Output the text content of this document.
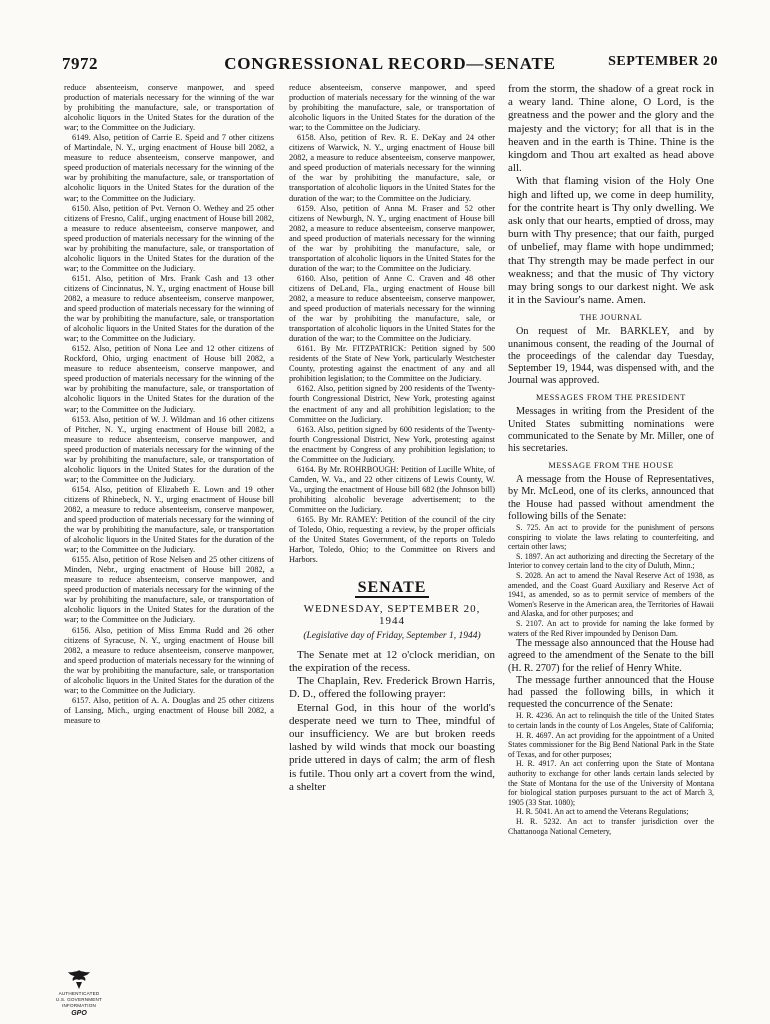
7972	CONGRESSIONAL RECORD—SENATE	SEPTEMBER 20

reduce absenteeism, conserve manpower, and speed production of materials necessary for the winning of the war by prohibiting the manufacture, sale, or transportation of alcoholic liquors in the United States for the duration of the war; to the Committee on the Judiciary.

6149. Also, petition of Carrie E. Speid and 7 other citizens of Martindale, N. Y., urging enactment of House bill 2082, a measure to reduce absenteeism, conserve manpower, and speed production of materials necessary for the winning of the war by prohibiting the manufacture, sale, or transportation of alcoholic liquors in the United States for the duration of the war; to the Committee on the Judiciary.

6150. Also, petition of Pvt. Vernon O. Wethey and 25 other citizens of Fresno, Calif., urging enactment of House bill 2082, a measure to reduce absenteeism, conserve manpower, and speed production of materials necessary for the winning of the war by prohibiting the manufacture, sale, or transportation of alcoholic liquors in the United States for the duration of the war; to the Committee on the Judiciary.

6151. Also, petition of Mrs. Frank Cash and 13 other citizens of Cincinnatus, N. Y., urging enactment of House bill 2082, a measure to reduce absenteeism, conserve manpower, and speed production of materials necessary for the winning of the war by prohibiting the manufacture, sale, or transportation of alcoholic liquors in the United States for the duration of the war; to the Committee on the Judiciary.

6152. Also, petition of Nona Lee and 12 other citizens of Rockford, Ohio, urging enactment of House bill 2082, a measure to reduce absenteeism, conserve manpower, and speed production of materials necessary for the winning of the war by prohibiting the manufacture, sale, or transportation of alcoholic liquors in the United States for the duration of the war; to the Committee on the Judiciary.

6153. Also, petition of W. J. Wildman and 16 other citizens of Pitcher, N. Y., urging enactment of House bill 2082, a measure to reduce absenteeism, conserve manpower, and speed production of materials necessary for the winning of the war by prohibiting the manufacture, sale, or transportation of alcoholic liquors in the United States for the duration of the war; to the Committee on the Judiciary.

6154. Also, petition of Elizabeth E. Lown and 19 other citizens of Rhinebeck, N. Y., urging enactment of House bill 2082, a measure to reduce absenteeism, conserve manpower, and speed production of materials necessary for the winning of the war by prohibiting the manufacture, sale, or transportation of alcoholic liquors in the United States for the duration of the war; to the Committee on the Judiciary.

6155. Also, petition of Rose Nelsen and 25 other citizens of Minden, Nebr., urging enactment of House bill 2082, a measure to reduce absenteeism, conserve manpower, and speed production of materials necessary for the winning of the war by prohibiting the manufacture, sale, or transportation of alcoholic liquors in the United States for the duration of the war; to the Committee on the Judiciary.

6156. Also, petition of Miss Emma Rudd and 26 other citizens of Syracuse, N. Y., urging enactment of House bill 2082, a measure to reduce absenteeism, conserve manpower, and speed production of materials necessary for the winning of the war by prohibiting the manufacture, sale, or transportation of alcoholic liquors in the United States for the duration of the war; to the Committee on the Judiciary.

6157. Also, petition of A. A. Douglas and 25 other citizens of Lansing, Mich., urging enactment of House bill 2082, a measure to

reduce absenteeism, conserve manpower, and speed production of materials necessary for the winning of the war by prohibiting the manufacture, sale, or transportation of alcoholic liquors in the United States for the duration of the war; to the Committee on the Judiciary.

6158. Also, petition of Rev. R. E. DeKay and 24 other citizens of Warwick, N. Y., urging enactment of House bill 2082, a measure to reduce absenteeism, conserve manpower, and speed production of materials necessary for the winning of the war by prohibiting the manufacture, sale, or transportation of alcoholic liquors in the United States for the duration of the war; to the Committee on the Judiciary.

6159. Also, petition of Anna M. Fraser and 52 other citizens of Newburgh, N. Y., urging enactment of House bill 2082, a measure to reduce absenteeism, conserve manpower, and speed production of materials necessary for the winning of the war by prohibiting the manufacture, sale, or transportation of alcoholic liquors in the United States for the duration of the war; to the Committee on the Judiciary.

6160. Also, petition of Anne C. Craven and 48 other citizens of DeLand, Fla., urging enactment of House bill 2082, a measure to reduce absenteeism, conserve manpower, and speed production of materials necessary for the winning of the war by prohibiting the manufacture, sale, or transportation of alcoholic liquors in the United States for the duration of the war; to the Committee on the Judiciary.

6161. By Mr. FITZPATRICK: Petition signed by 500 residents of the State of New York, particularly Westchester County, protesting against the enactment of any and all prohibition legislation; to the Committee on the Judiciary.

6162. Also, petition signed by 200 residents of the Twenty-fourth Congressional District, New York, protesting against the enactment of any and all prohibition legislation; to the Committee on the Judiciary.

6163. Also, petition signed by 600 residents of the Twenty-fourth Congressional District, New York, protesting against the enactment by Congress of any prohibition legislation; to the Committee on the Judiciary.

6164. By Mr. ROHRBOUGH: Petition of Lucille White, of Camden, W. Va., and 22 other citizens of Lewis County, W. Va., urging the enactment of House bill 682 (the Johnson bill) prohibiting alcoholic beverage advertisement; to the Committee on the Judiciary.

6165. By Mr. RAMEY: Petition of the council of the city of Toledo, Ohio, requesting a review, by the proper officials of the United States Government, of the reports on Toledo Harbor, Toledo, Ohio; to the Committee on Rivers and Harbors.

SENATE
WEDNESDAY, SEPTEMBER 20, 1944
(Legislative day of Friday, September 1, 1944)

The Senate met at 12 o'clock meridian, on the expiration of the recess.

The Chaplain, Rev. Frederick Brown Harris, D. D., offered the following prayer:

Eternal God, in this hour of the world's desperate need we turn to Thee, mindful of our insufficiency. We are but broken reeds lashed by wild winds that mock our boasting pride uttered in days of calm; the arm of flesh is futile. Thou only art a covert from the wind, a shelter

from the storm, the shadow of a great rock in a weary land. Thine alone, O Lord, is the greatness and the power and the glory and the majesty and the victory; for all that is in the heaven and in the earth is Thine. Thine is the kingdom and Thou art exalted as head above all.

With that flaming vision of the Holy One high and lifted up, we come in deep humility, for the contrite heart is Thy only dwelling. We ask only that our hearts, emptied of dross, may burn with Thy presence; that our faith, purged of unbelief, may flame with hope undimmed; that Thy strength may be made perfect in our weakness; and that the music of Thy victory may bring songs to our darkest night. We ask it in the Saviour's name. Amen.

THE JOURNAL

On request of Mr. BARKLEY, and by unanimous consent, the reading of the Journal of the proceedings of the calendar day Tuesday, September 19, 1944, was dispensed with, and the Journal was approved.

MESSAGES FROM THE PRESIDENT

Messages in writing from the President of the United States submitting nominations were communicated to the Senate by Mr. Miller, one of his secretaries.

MESSAGE FROM THE HOUSE

A message from the House of Representatives, by Mr. McLeod, one of its clerks, announced that the House had passed without amendment the following bills of the Senate:

S. 725. An act to provide for the punishment of persons conspiring to violate the laws relating to counterfeiting, and certain other laws;

S. 1897. An act authorizing and directing the Secretary of the Interior to convey certain land to the city of Duluth, Minn.;

S. 2028. An act to amend the Naval Reserve Act of 1938, as amended, and the Coast Guard Auxiliary and Reserve Act of 1941, as amended, so as to permit service of members of the Women's Reserve in the American area, the Territories of Hawaii and Alaska, and for other purposes; and

S. 2107. An act to provide for naming the lake formed by waters of the Red River impounded by Denison Dam.

The message also announced that the House had agreed to the amendment of the Senate to the bill (H. R. 2707) for the relief of Henry White.

The message further announced that the House had passed the following bills, in which it requested the concurrence of the Senate:

H. R. 4236. An act to relinquish the title of the United States to certain lands in the county of Los Angeles, State of California;

H. R. 4697. An act providing for the appointment of a United States commissioner for the Big Bend National Park in the State of Texas, and for other purposes;

H. R. 4917. An act conferring upon the State of Montana authority to exchange for other lands certain lands selected by the State of Montana for the use of the University of Montana for biological station purposes pursuant to the act of March 3, 1905 (33 Stat. 1080);

H. R. 5041. An act to amend the Veterans Regulations;

H. R. 5232. An act to transfer jurisdiction over the Chattanooga National Cemetery,

AUTHENTICATED
U.S. GOVERNMENT
INFORMATION
GPO
